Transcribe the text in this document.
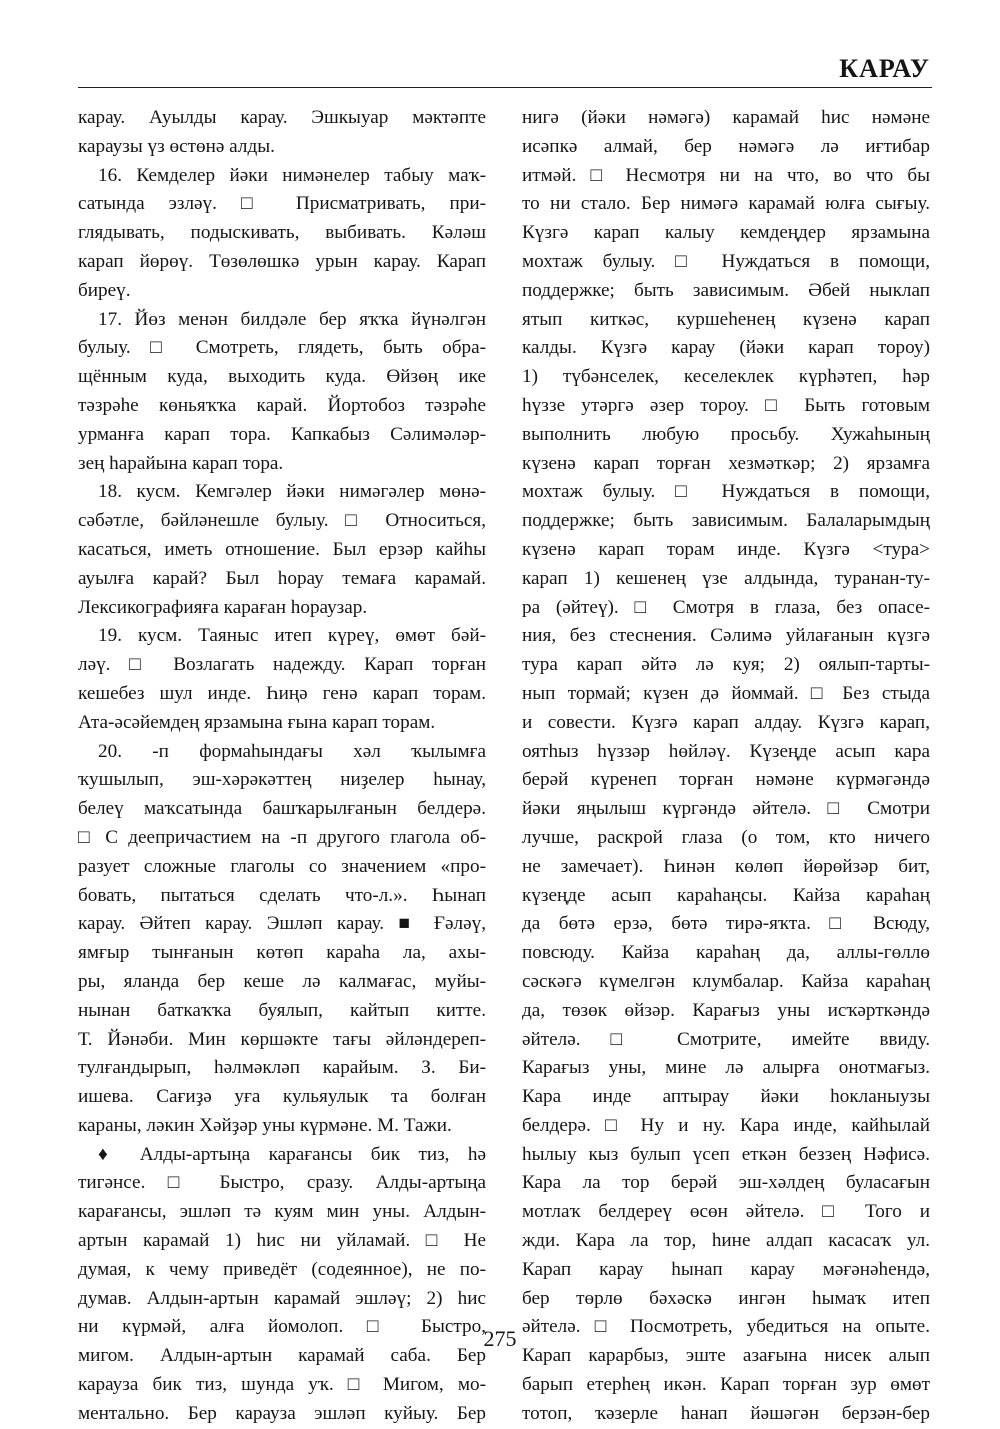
КАРАУ
карау. Ауылды карау. Эшкыуар мәктәпте
караузы үз өстөнә алды.
16. Кемделер йәки нимәнелер табыу маҡ-
сатында эзләү. □ Присматривать, при-
глядывать, подыскивать, выбивать. Кәләш
карап йөрөү. Төзөлөшкә урын карау. Карап
биреү.
17. Йөз менән билдәле бер яҡҡа йүнәлгән
булыу. □ Смотреть, глядеть, быть обра-
щённым куда, выходить куда. Өйзөң ике
тәзрәһе көньяҡҡа карай. Йортобоз тәзрәһе
урманға карап тора. Капкабыз Сәлимәләр-
зең һарайына карап тора.
18. кусм. Кемгәлер йәки нимәгәлер мөнә-
сәбәтле, бәйләнешле булыу. □ Относиться,
касаться, иметь отношение. Был ерзәр кайһы
ауылға карай? Был һорау темаға карамай.
Лексикографияға караған һораузар.
19. кусм. Таяныс итеп күреү, өмөт бәй-
ләү. □ Возлагать надежду. Карап торған
кешебез шул инде. Һиңә генә карап торам.
Ата-әсәйемдең ярзамына ғына карап торам.
20. -п формаһындағы хәл ҡылымға
ҡушылып, эш-хәрәкәттең ниҙелер һынау,
белеү маҡсатында башҡарылғанын белдерә.
□ С деепричастием на -п другого глагола об-
разует сложные глаголы со значением «про-
бовать, пытаться сделать что-л.». Һынап
карау. Әйтеп карау. Эшләп карау. ■ Ғәләү,
ямғыр тынғанын көтөп караһа ла, ахы-
ры, яланда бер кеше лә калмағас, муйы-
нынан баткаҡҡа буялып, кайтып китте.
Т. Йәнәби. Мин көршәкте тағы әйләндереп-
тулғандырып, һәлмәкләп карайым. З. Би-
ишева. Сағиҙә уға кульяулык та болған
караны, ләкин Хәйҙәр уны күрмәне. М. Тажи.
♦ Алды-артыңа карағансы бик тиз, һә
тигәнсе. □ Быстро, сразу. Алды-артыңа
карағансы, эшләп тә куям мин уны. Алдын-
артын карамай 1) һис ни уйламай. □ Не
думая, к чему приведёт (содеянное), не по-
думав. Алдын-артын карамай эшләү; 2) һис
ни күрмәй, алға йомолоп. □ Быстро,
мигом. Алдын-артын карамай саба. Бер
карауза бик тиз, шунда уҡ. □ Мигом, мо-
ментально. Бер карауза эшләп куйыу. Бер
нигә (йәки нәмәгә) карамай һис нәмәне
исәпкә алмай, бер нәмәгә лә иғтибар
итмәй. □ Несмотря ни на что, во что бы
то ни стало. Бер нимәгә карамай юлға сығыу.
Күзгә карап калыу кемдеңдер ярзамына
мохтаж булыу. □ Нуждаться в помощи,
поддержке; быть зависимым. Әбей ныклап
ятып киткәс, куршеһенең күзенә карап
калды. Күзгә карау (йәки карап тороу)
1) түбәнселек, кеселеклек күрһәтеп, һәр
һүззе утәргә әзер тороу. □ Быть готовым
выполнить любую просьбу. Хужаһының
күзенә карап торған хезмәткәр; 2) ярзамға
мохтаж булыу. □ Нуждаться в помощи,
поддержке; быть зависимым. Балаларымдың
күзенә карап торам инде. Күзгә <тура>
карап 1) кешенең үзе алдында, туранан-ту-
ра (әйтеү). □ Смотря в глаза, без опасе-
ния, без стеснения. Сәлимә уйлағанын күзгә
тура карап әйтә лә куя; 2) оялып-тарты-
нып тормай; күзен дә йоммай. □ Без стыда
и совести. Күзгә карап алдау. Күзгә карап,
оятһыз һүззәр һөйләү. Күзеңде асып кара
берәй күренеп торған нәмәне күрмәгәндә
йәки яңылыш күргәндә әйтелә. □ Смотри
лучше, раскрой глаза (о том, кто ничего
не замечает). Һинән көлөп йөрөйзәр бит,
күзеңде асып караһаңсы. Кайза караһаң
да бөтә ерзә, бөтә тирә-яҡта. □ Всюду,
повсюду. Кайза караһаң да, аллы-гөллө
сәскәгә күмелгән клумбалар. Кайза караһаң
да, төзөк өйзәр. Карағыз уны исҡәрткәндә
әйтелә. □ Смотрите, имейте ввиду.
Карағыз уны, мине лә алырға онотмағыз.
Кара инде аптырау йәки һокланыузы
белдерә. □ Ну и ну. Кара инде, кайһылай
һылыу кыз булып үсеп еткән беззең Нәфисә.
Кара ла тор берәй эш-хәлдең буласағын
мотлаҡ белдереү өсөн әйтелә. □ Того и
жди. Кара ла тор, һине алдап касасаҡ ул.
Карап карау һынап карау мәғәнәһендә,
бер төрлө бәхәскә ингән һымаҡ итеп
әйтелә. □ Посмотреть, убедиться на опыте.
Карап карарбыз, эште азағына нисек алып
барып етерһең икән. Карап торған зур өмөт
тотоп, ҡәзерле һанап йәшәгән берзән-бер
275
